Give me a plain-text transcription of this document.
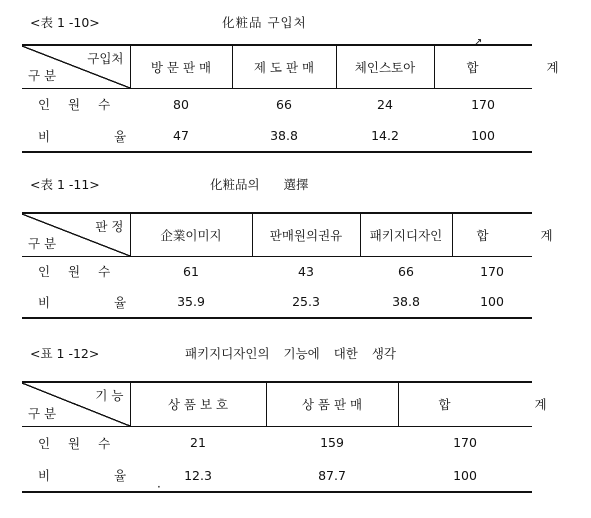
<表 1 -10>	化粧品 구입처
↗
구입처
구 분	방 문 판 매	제 도 판 매	체인스토아	합 계
인 원 수	80	66	24	170
비 율	47	38.8	14.2	100
<表 1 -11>	化粧品의 選擇
판 정
구 분	企業이미지	판매원의권유	패키지디자인	합 계
인 원 수	61	43	66	170
비 율	35.9	25.3	38.8	100
<표 1 -12>	패키지디자인의 기능에 대한 생각
기 능
구 분	상 품 보 호	상 품 판 매	합 계
인 원 수	21	159	170
비 율	12.3	87.7	100
·
